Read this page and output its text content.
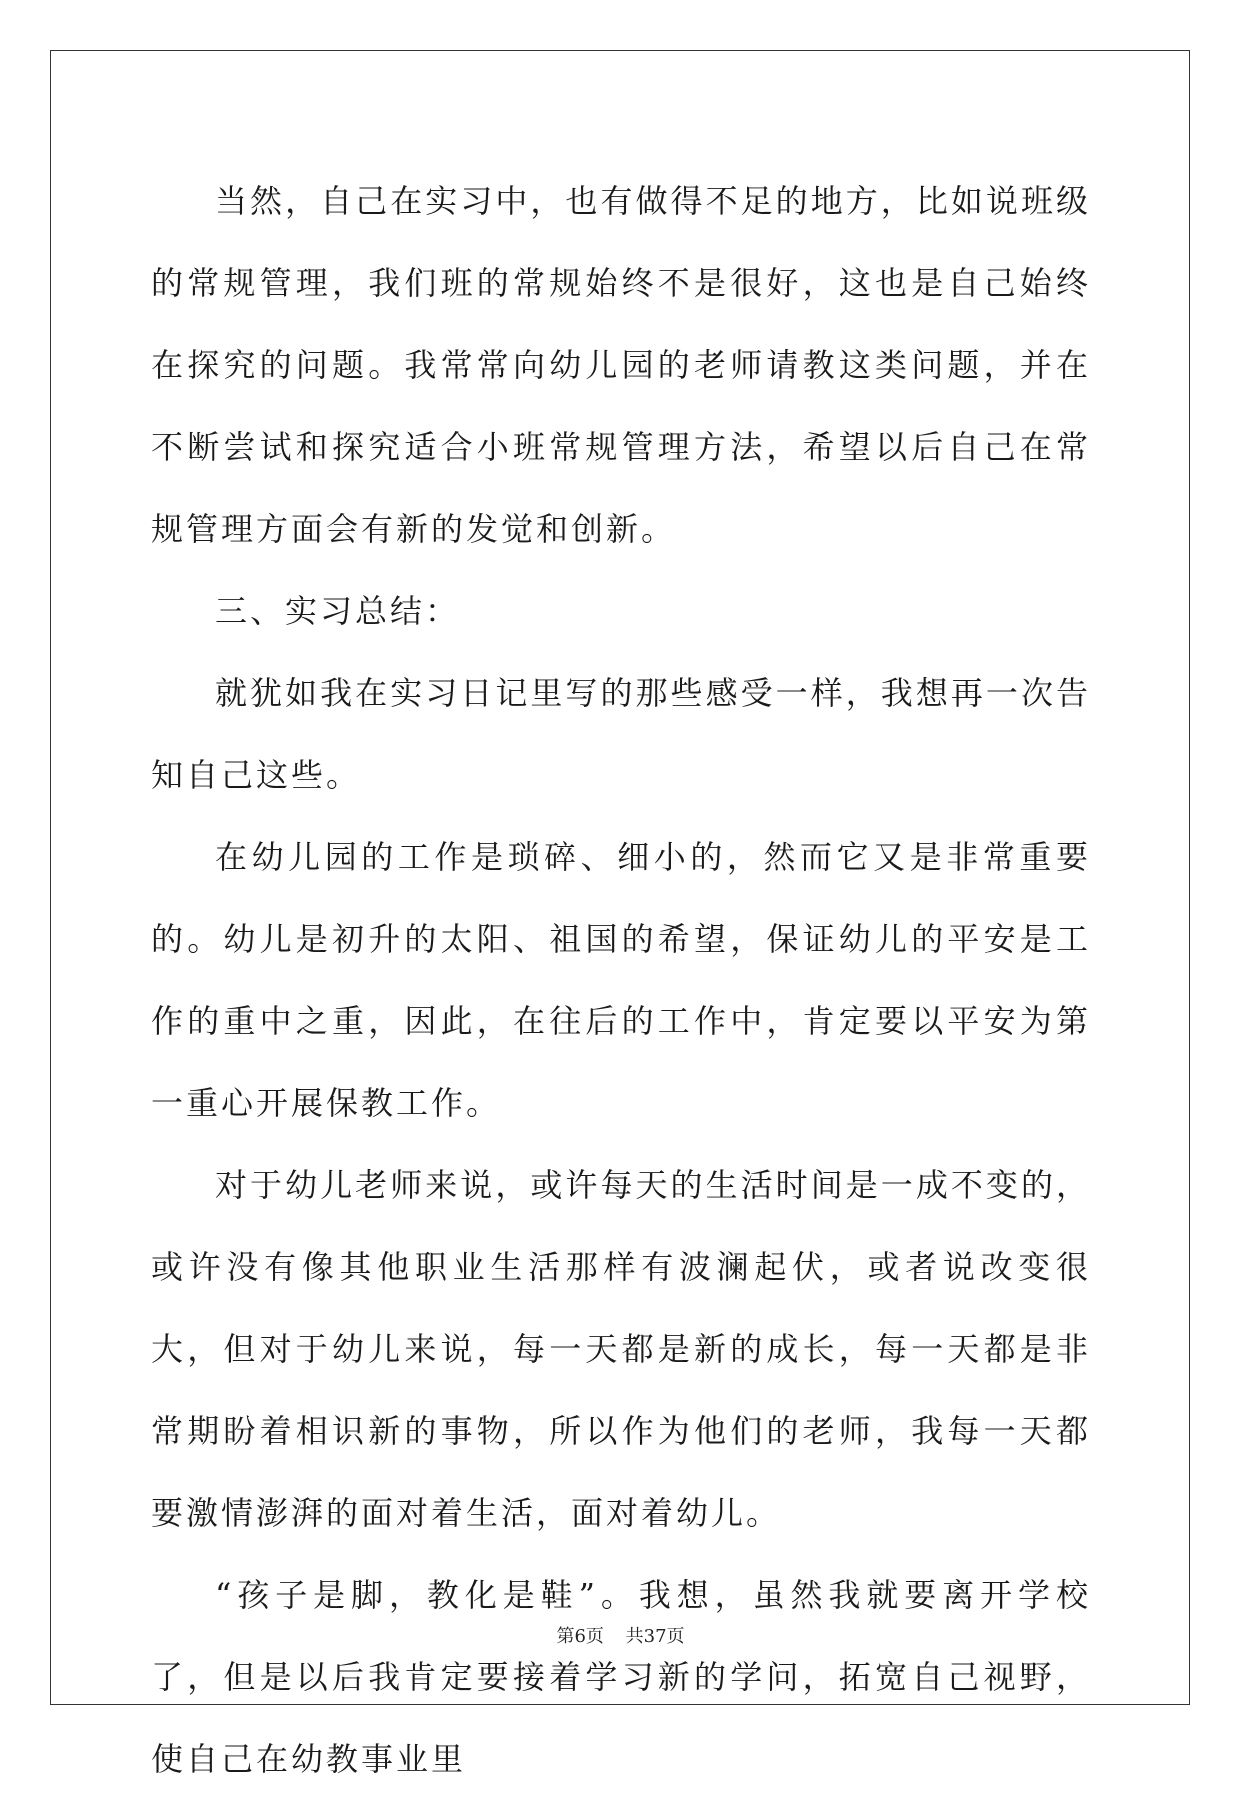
当然，自己在实习中，也有做得不足的地方，比如说班级的常规管理，我们班的常规始终不是很好，这也是自己始终在探究的问题。我常常向幼儿园的老师请教这类问题，并在不断尝试和探究适合小班常规管理方法，希望以后自己在常规管理方面会有新的发觉和创新。

三、实习总结：

就犹如我在实习日记里写的那些感受一样，我想再一次告知自己这些。

在幼儿园的工作是琐碎、细小的，然而它又是非常重要的。幼儿是初升的太阳、祖国的希望，保证幼儿的平安是工作的重中之重，因此，在往后的工作中，肯定要以平安为第一重心开展保教工作。

对于幼儿老师来说，或许每天的生活时间是一成不变的，或许没有像其他职业生活那样有波澜起伏，或者说改变很大，但对于幼儿来说，每一天都是新的成长，每一天都是非常期盼着相识新的事物，所以作为他们的老师，我每一天都要激情澎湃的面对着生活，面对着幼儿。

“孩子是脚，教化是鞋”。我想，虽然我就要离开学校了，但是以后我肯定要接着学习新的学问，拓宽自己视野，使自己在幼教事业里

第6页 共37页
